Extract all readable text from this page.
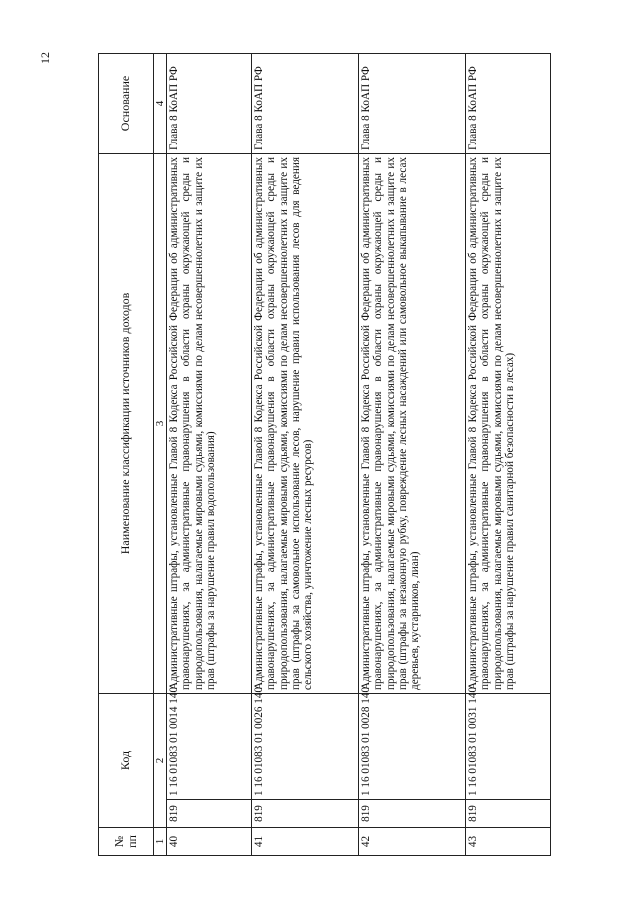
12
№ пп	Код		Наименование классификации источников доходов	Основание
1	2		3	4
40	819	1 16 01083 01 0014 140	Административные штрафы, установленные Главой 8 Кодекса Российской Федерации об административных правонарушениях, за административные правонарушения в области охраны окружающей среды и природопользования, налагаемые мировыми судьями, комиссиями по делам несовершеннолетних и защите их прав (штрафы за нарушение правил водопользования)	Глава 8 КоАП РФ
41	819	1 16 01083 01 0026 140	Административные штрафы, установленные Главой 8 Кодекса Российской Федерации об административных правонарушениях, за административные правонарушения в области охраны окружающей среды и природопользования, налагаемые мировыми судьями, комиссиями по делам несовершеннолетних и защите их прав (штрафы за самовольное использование лесов, нарушение правил использования лесов для ведения сельского хозяйства, уничтожение лесных ресурсов)	Глава 8 КоАП РФ
42	819	1 16 01083 01 0028 140	Административные штрафы, установленные Главой 8 Кодекса Российской Федерации об административных правонарушениях, за административные правонарушения в области охраны окружающей среды и природопользования, налагаемые мировыми судьями, комиссиями по делам несовершеннолетних и защите их прав (штрафы за незаконную рубку, повреждение лесных насаждений или самовольное выкапывание в лесах деревьев, кустарников, лиан)	Глава 8 КоАП РФ
43	819	1 16 01083 01 0031 140	Административные штрафы, установленные Главой 8 Кодекса Российской Федерации об административных правонарушениях, за административные правонарушения в области охраны окружающей среды и природопользования, налагаемые мировыми судьями, комиссиями по делам несовершеннолетних и защите их прав (штрафы за нарушение правил санитарной безопасности в лесах)	Глава 8 КоАП РФ
